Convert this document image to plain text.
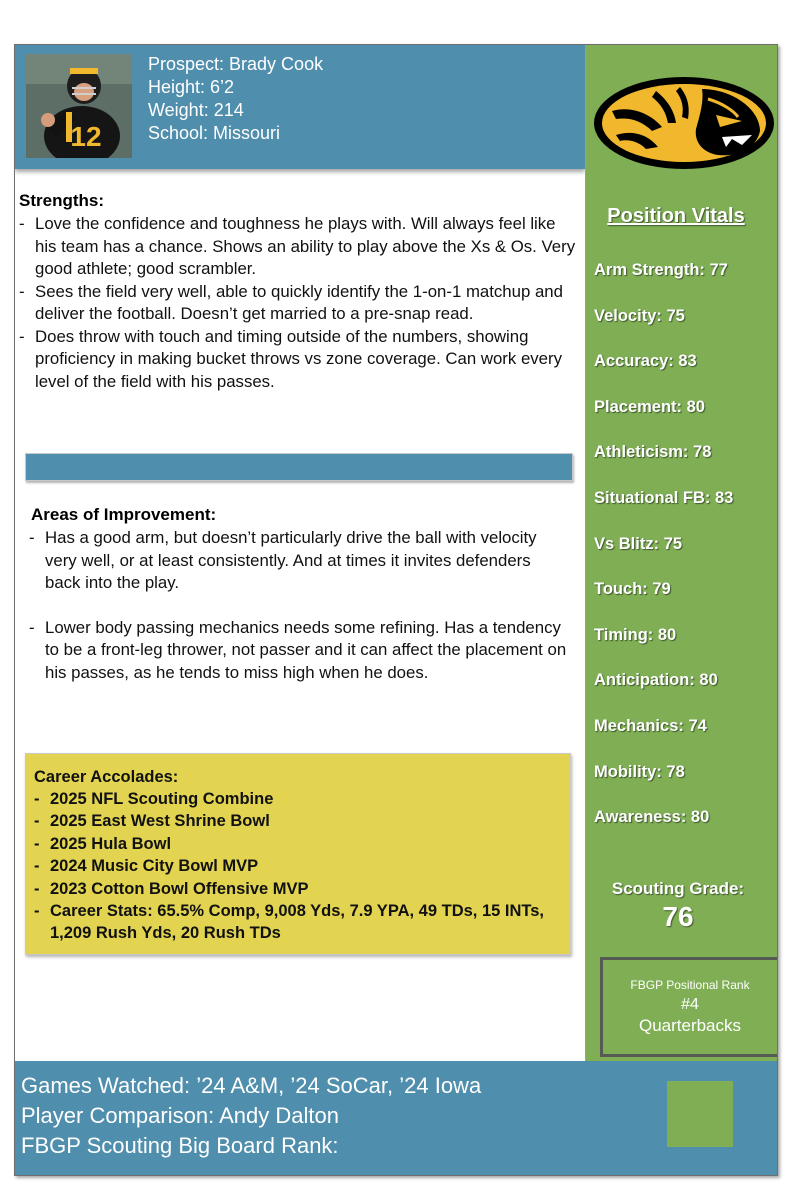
12
Prospect: Brady Cook
Height: 6’2
Weight: 214
School: Missouri
Position Vitals
Arm Strength: 77
Velocity: 75
Accuracy: 83
Placement: 80
Athleticism: 78
Situational FB: 83
Vs Blitz: 75
Touch: 79
Timing: 80
Anticipation: 80
Mechanics: 74
Mobility: 78
Awareness: 80
Scouting Grade:
76
FBGP Positional Rank
#4
Quarterbacks
Strengths:
- Love the confidence and toughness he plays with. Will always feel like his team has a chance. Shows an ability to play above the Xs & Os. Very good athlete; good scrambler.
- Sees the field very well, able to quickly identify the 1-on-1 matchup and deliver the football. Doesn’t get married to a pre-snap read.
- Does throw with touch and timing outside of the numbers, showing proficiency in making bucket throws vs zone coverage. Can work every level of the field with his passes.
Areas of Improvement:
- Has a good arm, but doesn’t particularly drive the ball with velocity very well, or at least consistently. And at times it invites defenders back into the play.
- Lower body passing mechanics needs some refining. Has a tendency to be a front-leg thrower, not passer and it can affect the placement on his passes, as he tends to miss high when he does.
Career Accolades:
- 2025 NFL Scouting Combine
- 2025 East West Shrine Bowl
- 2025 Hula Bowl
- 2024 Music City Bowl MVP
- 2023 Cotton Bowl Offensive MVP
- Career Stats: 65.5% Comp, 9,008 Yds, 7.9 YPA, 49 TDs, 15 INTs, 1,209 Rush Yds, 20 Rush TDs
Games Watched: ’24 A&M, ’24 SoCar, ’24 Iowa
Player Comparison: Andy Dalton
FBGP Scouting Big Board Rank:
